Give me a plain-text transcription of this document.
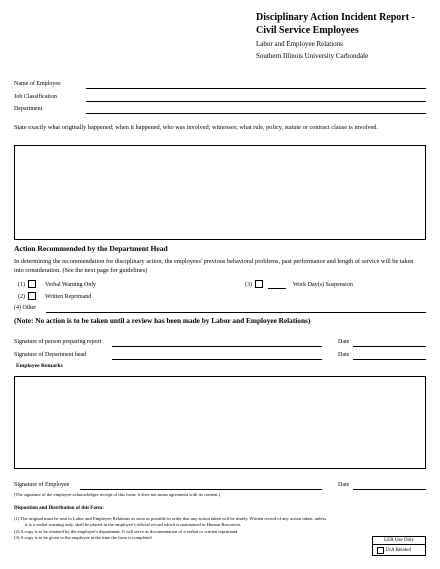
Disciplinary Action Incident Report -
Civil Service Employees
Labor and Employee Relations
Southern Illinois University Carbondale
Name of Employee
Job Classification
Department
State exactly what originally happened; when it happened, who was involved; witnesses; what rule, policy, statute or contract clause is involved.
Action Recommended by the Department Head
In determining the recommendation for disciplinary action, the employees' previous behavioral problems, past performance and length of service will be taken into consideration. (See the next page for guidelines)
(1)	Verbal Warning Only	(3)	Work Day(s) Suspension
(2)	Written Reprimand
(4) Other
(Note: No action is to be taken until a review has been made by Labor and Employee Relations)
Signature of person preparing report	Date
Signature of Department head	Date
Employee Remarks
Signature of Employee	Date
(The signature of the employee acknowledges receipt of this form; it does not mean agreement with its content.)
Disposition and Distribution of this Form:
(1) The original must be sent to Labor and Employee Relations as soon as possible in order that any action taken will be timely. Written record of any action taken, unless
it is a verbal warning only, shall be placed in the employee's official record which is maintained in Human Resources.
(2) A copy is to be retained by the employee's department. It will serve as documentation of a verbal or written reprimand
(3) A copy is to be given to the employee at the time the form is completed
LER Use Only
D/A Related
